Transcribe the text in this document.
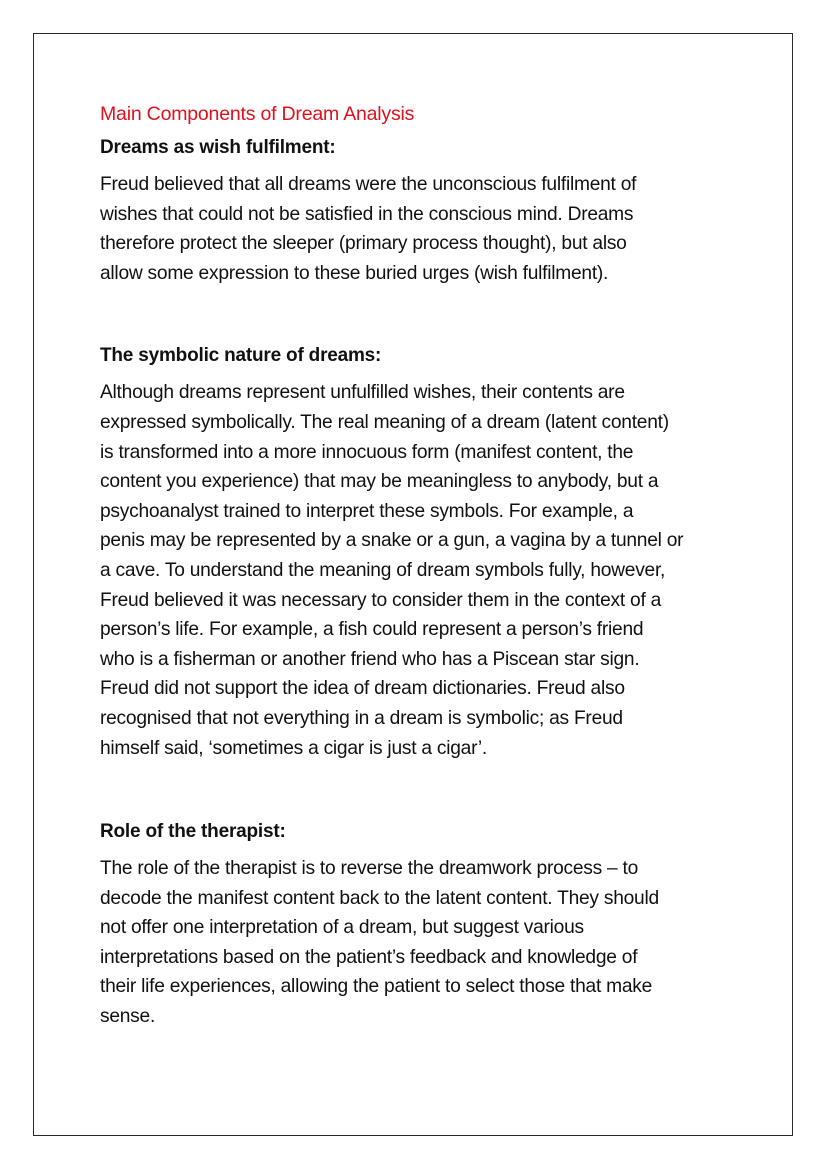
Main Components of Dream Analysis
Dreams as wish fulfilment:

Freud believed that all dreams were the unconscious fulfilment of
wishes that could not be satisfied in the conscious mind. Dreams
therefore protect the sleeper (primary process thought), but also
allow some expression to these buried urges (wish fulfilment).

The symbolic nature of dreams:

Although dreams represent unfulfilled wishes, their contents are
expressed symbolically. The real meaning of a dream (latent content)
is transformed into a more innocuous form (manifest content, the
content you experience) that may be meaningless to anybody, but a
psychoanalyst trained to interpret these symbols. For example, a
penis may be represented by a snake or a gun, a vagina by a tunnel or
a cave. To understand the meaning of dream symbols fully, however,
Freud believed it was necessary to consider them in the context of a
person’s life. For example, a fish could represent a person’s friend
who is a fisherman or another friend who has a Piscean star sign.
Freud did not support the idea of dream dictionaries. Freud also
recognised that not everything in a dream is symbolic; as Freud
himself said, ‘sometimes a cigar is just a cigar’.

Role of the therapist:

The role of the therapist is to reverse the dreamwork process – to
decode the manifest content back to the latent content. They should
not offer one interpretation of a dream, but suggest various
interpretations based on the patient’s feedback and knowledge of
their life experiences, allowing the patient to select those that make
sense.
